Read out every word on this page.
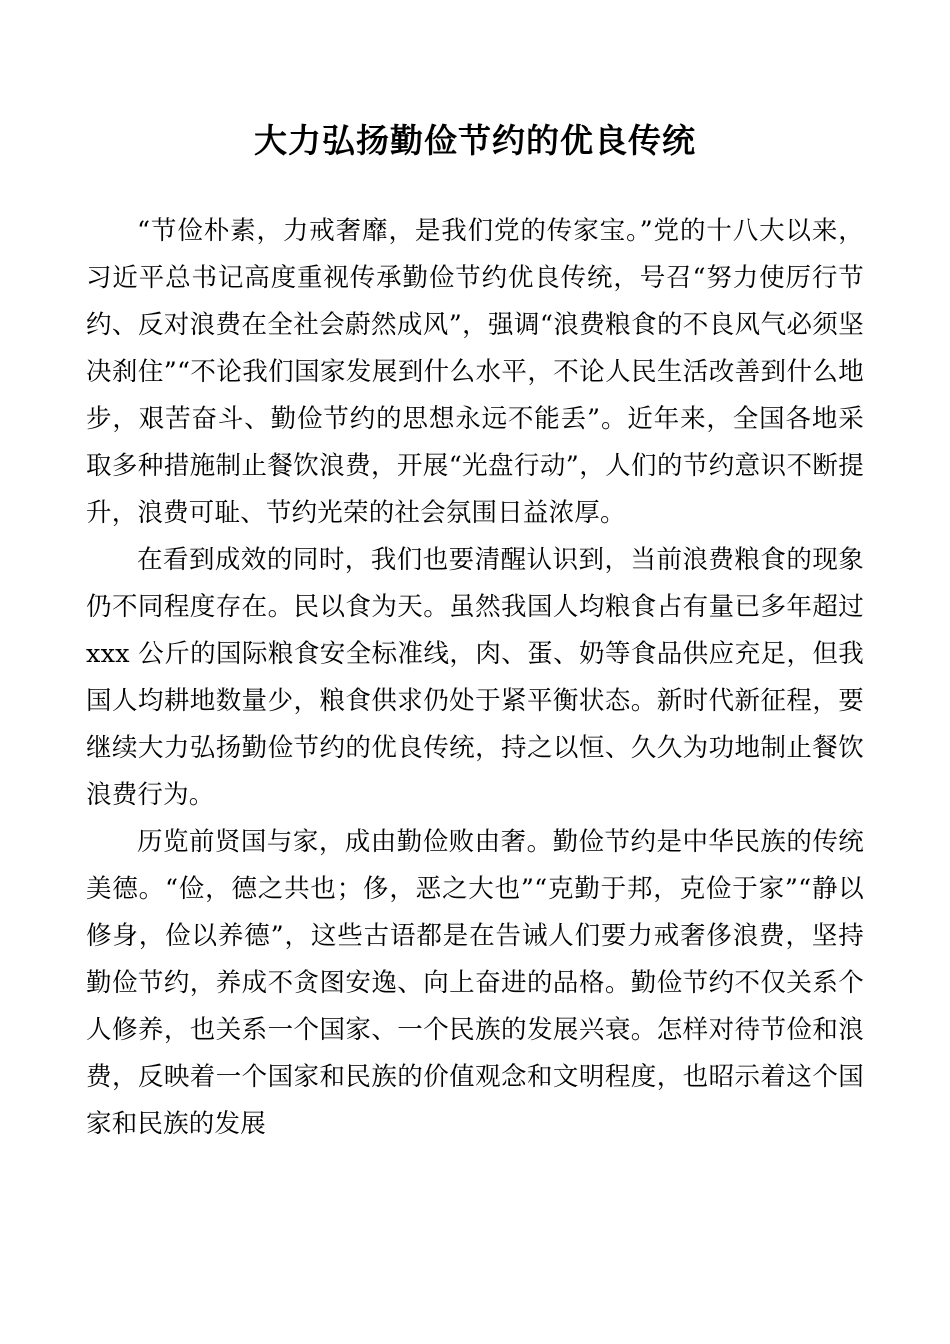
大力弘扬勤俭节约的优良传统

“节俭朴素，力戒奢靡，是我们党的传家宝。”党的十八大以来，习近平总书记高度重视传承勤俭节约优良传统，号召“努力使厉行节约、反对浪费在全社会蔚然成风”，强调“浪费粮食的不良风气必须坚决刹住”“不论我们国家发展到什么水平，不论人民生活改善到什么地步，艰苦奋斗、勤俭节约的思想永远不能丢”。近年来，全国各地采取多种措施制止餐饮浪费，开展“光盘行动”，人们的节约意识不断提升，浪费可耻、节约光荣的社会氛围日益浓厚。

在看到成效的同时，我们也要清醒认识到，当前浪费粮食的现象仍不同程度存在。民以食为天。虽然我国人均粮食占有量已多年超过 xxx 公斤的国际粮食安全标准线，肉、蛋、奶等食品供应充足，但我国人均耕地数量少，粮食供求仍处于紧平衡状态。新时代新征程，要继续大力弘扬勤俭节约的优良传统，持之以恒、久久为功地制止餐饮浪费行为。

历览前贤国与家，成由勤俭败由奢。勤俭节约是中华民族的传统美德。“俭，德之共也；侈，恶之大也”“克勤于邦，克俭于家”“静以修身，俭以养德”，这些古语都是在告诫人们要力戒奢侈浪费，坚持勤俭节约，养成不贪图安逸、向上奋进的品格。勤俭节约不仅关系个人修养，也关系一个国家、一个民族的发展兴衰。怎样对待节俭和浪费，反映着一个国家和民族的价值观念和文明程度，也昭示着这个国家和民族的发展
